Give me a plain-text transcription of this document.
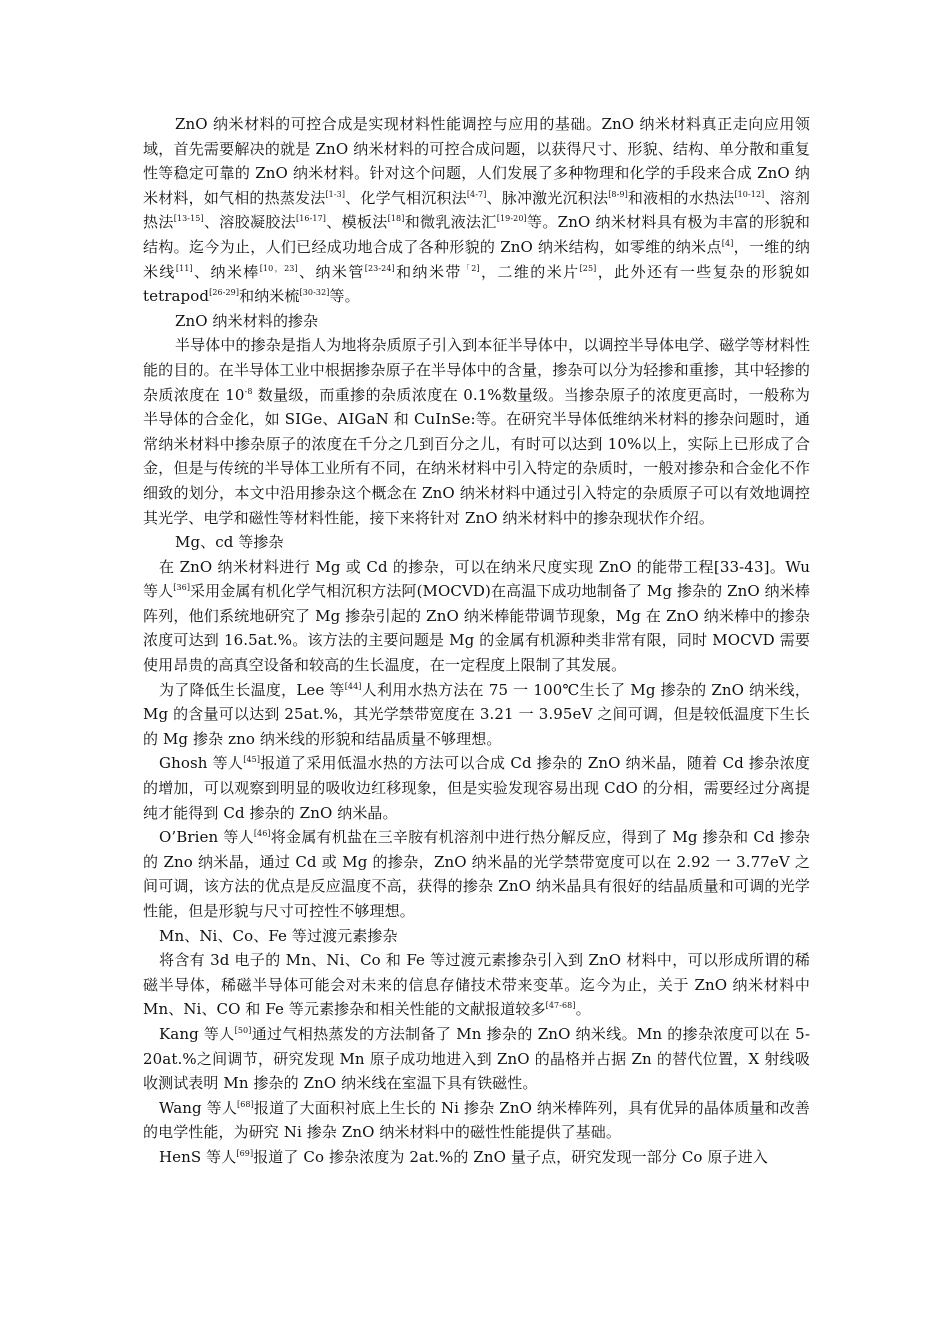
ZnO 纳米材料的可控合成是实现材料性能调控与应用的基础。ZnO 纳米材料真正走向应用领域，首先需要解决的就是 ZnO 纳米材料的可控合成问题，以获得尺寸、形貌、结构、单分散和重复性等稳定可靠的 ZnO 纳米材料。针对这个问题，人们发展了多种物理和化学的手段来合成 ZnO 纳米材料，如气相的热蒸发法[1-3]、化学气相沉积法[4-7]、脉冲激光沉积法[8-9]和液相的水热法[10-12]、溶剂热法[13-15]、溶胶凝胶法[16-17]、模板法[18]和微乳液法汇[19-20]等。ZnO 纳米材料具有极为丰富的形貌和结构。迄今为止，人们已经成功地合成了各种形貌的 ZnO 纳米结构，如零维的纳米点[4]，一维的纳米线[11]、纳米棒[10，23]、纳米管[23-24]和纳米带$^{「2]}$，二维的米片[25]，此外还有一些复杂的形貌如 tetrapod[26-29]和纳米梳[30-32]等。

ZnO 纳米材料的掺杂

半导体中的掺杂是指人为地将杂质原子引入到本征半导体中，以调控半导体电学、磁学等材料性能的目的。在半导体工业中根据掺杂原子在半导体中的含量，掺杂可以分为轻掺和重掺，其中轻掺的杂质浓度在 $10^{-8}$ 数量级，而重掺的杂质浓度在 0.1%数量级。当掺杂原子的浓度更高时，一般称为半导体的合金化，如 SIGe、AIGaN 和 CuInSe:等。在研究半导体低维纳米材料的掺杂问题时，通常纳米材料中掺杂原子的浓度在千分之几到百分之儿，有时可以达到 10%以上，实际上已形成了合金，但是与传统的半导体工业所有不同，在纳米材料中引入特定的杂质时，一般对掺杂和合金化不作细致的划分，本文中沿用掺杂这个概念在 ZnO 纳米材料中通过引入特定的杂质原子可以有效地调控其光学、电学和磁性等材料性能，接下来将针对 ZnO 纳米材料中的掺杂现状作介绍。

Mg、cd 等掺杂

在 ZnO 纳米材料进行 Mg 或 Cd 的掺杂，可以在纳米尺度实现 ZnO 的能带工程[33-43]。Wu 等人[36]采用金属有机化学气相沉积方法阿(MOCVD)在高温下成功地制备了 Mg 掺杂的 ZnO 纳米棒阵列，他们系统地研究了 Mg 掺杂引起的 ZnO 纳米棒能带调节现象，Mg 在 ZnO 纳米棒中的掺杂浓度可达到 16.5at.%。该方法的主要问题是 Mg 的金属有机源种类非常有限，同时 MOCVD 需要使用昂贵的高真空设备和较高的生长温度，在一定程度上限制了其发展。

为了降低生长温度，Lee 等[44]人利用水热方法在 75 一 100℃生长了 Mg 掺杂的 ZnO 纳米线，Mg 的含量可以达到 25at.%，其光学禁带宽度在 3.21 一 3.95eV 之间可调，但是较低温度下生长的 Mg 掺杂 zno 纳米线的形貌和结晶质量不够理想。

Ghosh 等人[45]报道了采用低温水热的方法可以合成 Cd 掺杂的 ZnO 纳米晶，随着 Cd 掺杂浓度的增加，可以观察到明显的吸收边红移现象，但是实验发现容易出现 CdO 的分相，需要经过分离提纯才能得到 Cd 掺杂的 ZnO 纳米晶。

O’Brien 等人[46]将金属有机盐在三辛胺有机溶剂中进行热分解反应，得到了 Mg 掺杂和 Cd 掺杂的 Zno 纳米晶，通过 Cd 或 Mg 的掺杂，ZnO 纳米晶的光学禁带宽度可以在 2.92 一 3.77eV 之间可调，该方法的优点是反应温度不高，获得的掺杂 ZnO 纳米晶具有很好的结晶质量和可调的光学性能，但是形貌与尺寸可控性不够理想。

Mn、Ni、Co、Fe 等过渡元素掺杂

将含有 3d 电子的 Mn、Ni、Co 和 Fe 等过渡元素掺杂引入到 ZnO 材料中，可以形成所谓的稀磁半导体，稀磁半导体可能会对未来的信息存储技术带来变革。迄今为止，关于 ZnO 纳米材料中 Mn、Ni、CO 和 Fe 等元素掺杂和相关性能的文献报道较多[47-68]。

Kang 等人[50]通过气相热蒸发的方法制备了 Mn 掺杂的 ZnO 纳米线。Mn 的掺杂浓度可以在 5-20at.%之间调节，研究发现 Mn 原子成功地进入到 ZnO 的晶格并占据 Zn 的替代位置，X 射线吸收测试表明 Mn 掺杂的 ZnO 纳米线在室温下具有铁磁性。

Wang 等人[68]报道了大面积衬底上生长的 Ni 掺杂 ZnO 纳米棒阵列，具有优异的晶体质量和改善的电学性能，为研究 Ni 掺杂 ZnO 纳米材料中的磁性性能提供了基础。

HenS 等人[69]报道了 Co 掺杂浓度为 2at.%的 ZnO 量子点，研究发现一部分 Co 原子进入
